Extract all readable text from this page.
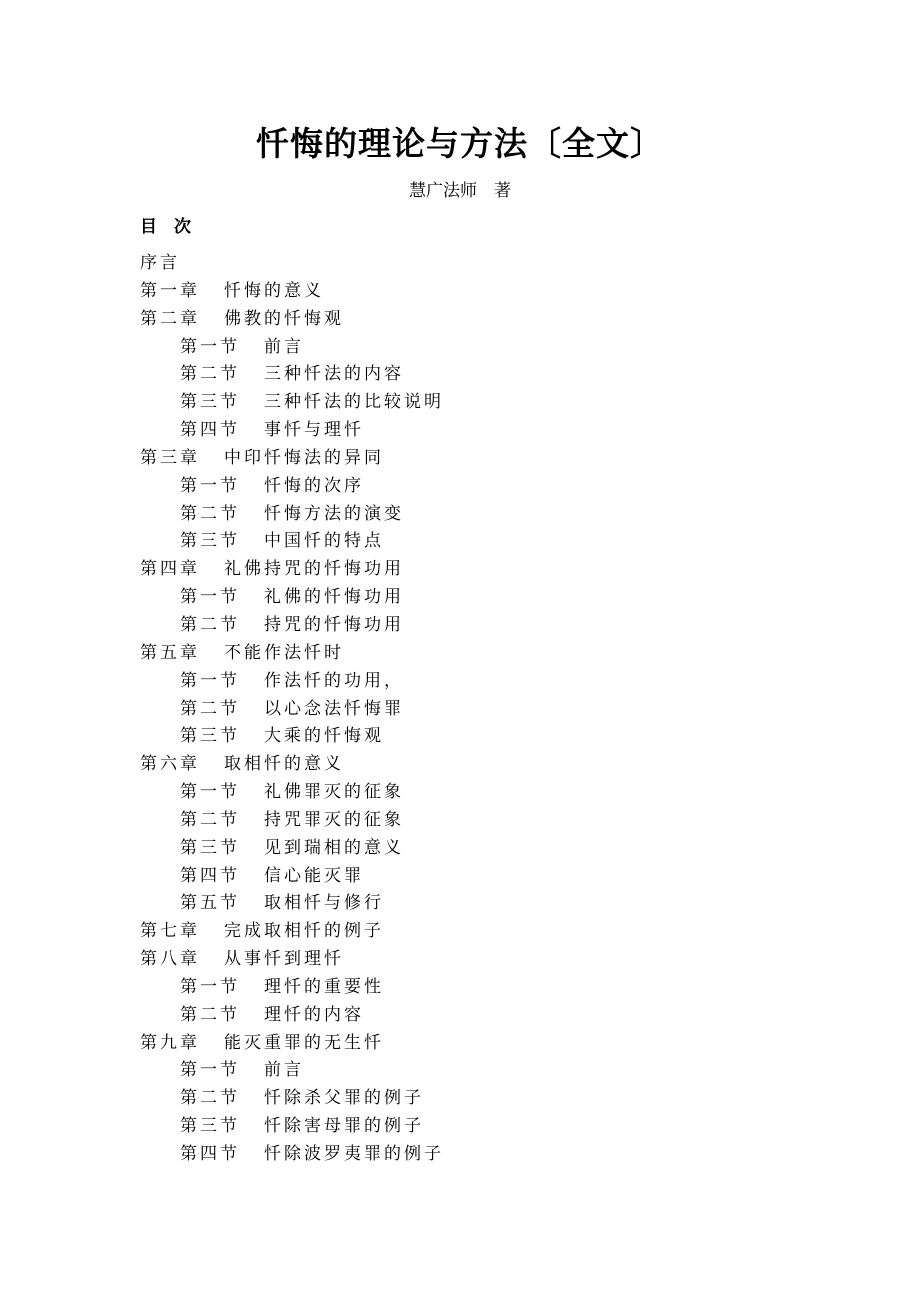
忏悔的理论与方法〔全文〕
慧广法师　著
目　次
序言
第一章 忏悔的意义
第二章 佛教的忏悔观
第一节 前言
第二节 三种忏法的内容
第三节 三种忏法的比较说明
第四节 事忏与理忏
第三章 中印忏悔法的异同
第一节 忏悔的次序
第二节 忏悔方法的演变
第三节 中国忏的特点
第四章 礼佛持咒的忏悔功用
第一节 礼佛的忏悔功用
第二节 持咒的忏悔功用
第五章 不能作法忏时
第一节 作法忏的功用，
第二节 以心念法忏悔罪
第三节 大乘的忏悔观
第六章 取相忏的意义
第一节 礼佛罪灭的征象
第二节 持咒罪灭的征象
第三节 见到瑞相的意义
第四节 信心能灭罪
第五节 取相忏与修行
第七章 完成取相忏的例子
第八章 从事忏到理忏
第一节 理忏的重要性
第二节 理忏的内容
第九章 能灭重罪的无生忏
第一节 前言
第二节 忏除杀父罪的例子
第三节 忏除害母罪的例子
第四节 忏除波罗夷罪的例子
